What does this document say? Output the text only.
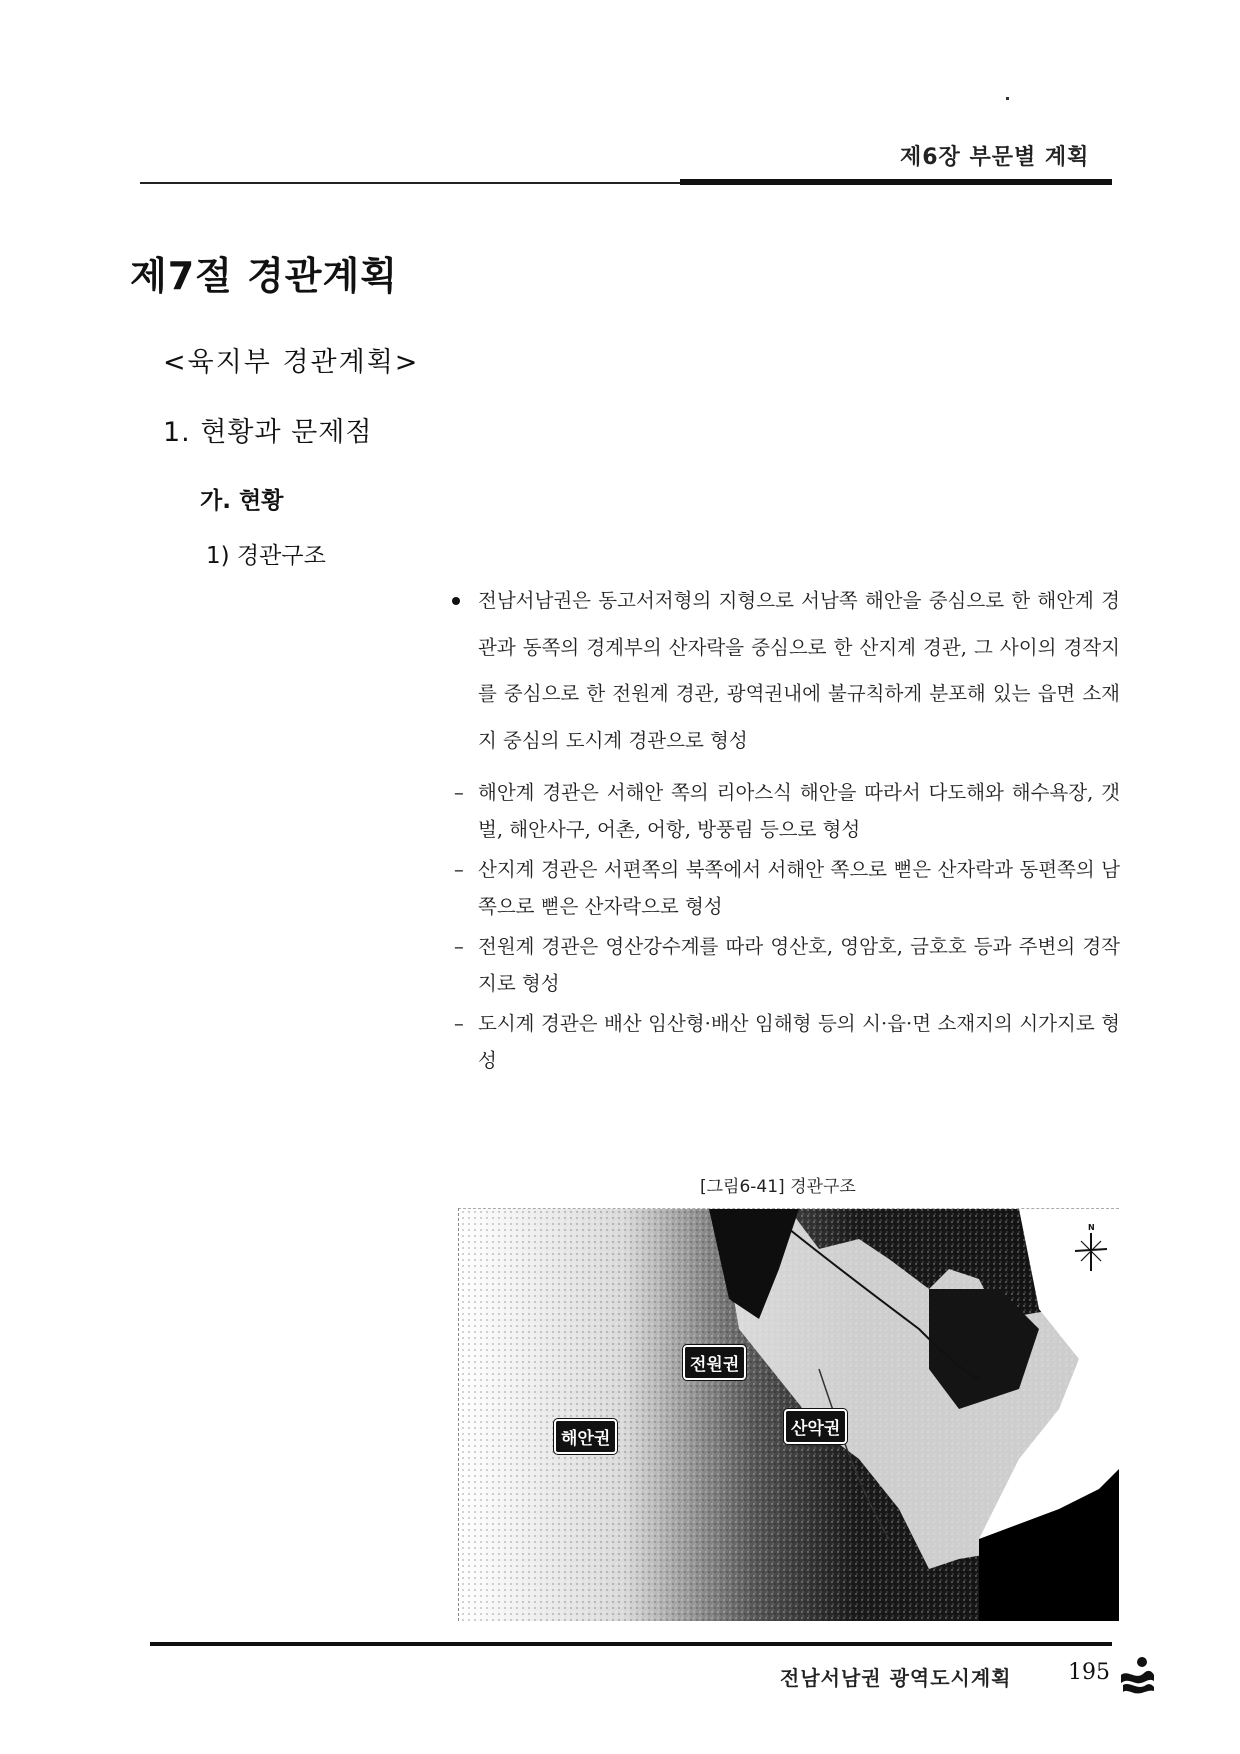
제6장 부문별 계획
제7절 경관계획
<육지부 경관계획>
1. 현황과 문제점
가. 현황
1) 경관구조
전남서남권은 동고서저형의 지형으로 서남쪽 해안을 중심으로 한 해안계 경관과 동쪽의 경계부의 산자락을 중심으로 한 산지계 경관, 그 사이의 경작지를 중심으로 한 전원계 경관, 광역권내에 불규칙하게 분포해 있는 읍면 소재지 중심의 도시계 경관으로 형성
– 해안계 경관은 서해안 쪽의 리아스식 해안을 따라서 다도해와 해수욕장, 갯벌, 해안사구, 어촌, 어항, 방풍림 등으로 형성
– 산지계 경관은 서편쪽의 북쪽에서 서해안 쪽으로 뻗은 산자락과 동편쪽의 남쪽으로 뻗은 산자락으로 형성
– 전원계 경관은 영산강수계를 따라 영산호, 영암호, 금호호 등과 주변의 경작지로 형성
– 도시계 경관은 배산 임산형·배산 임해형 등의 시·읍·면 소재지의 시가지로 형성
[그림6-41] 경관구조
전원권
해안권	산악권
N
전남서남권 광역도시계획	195
